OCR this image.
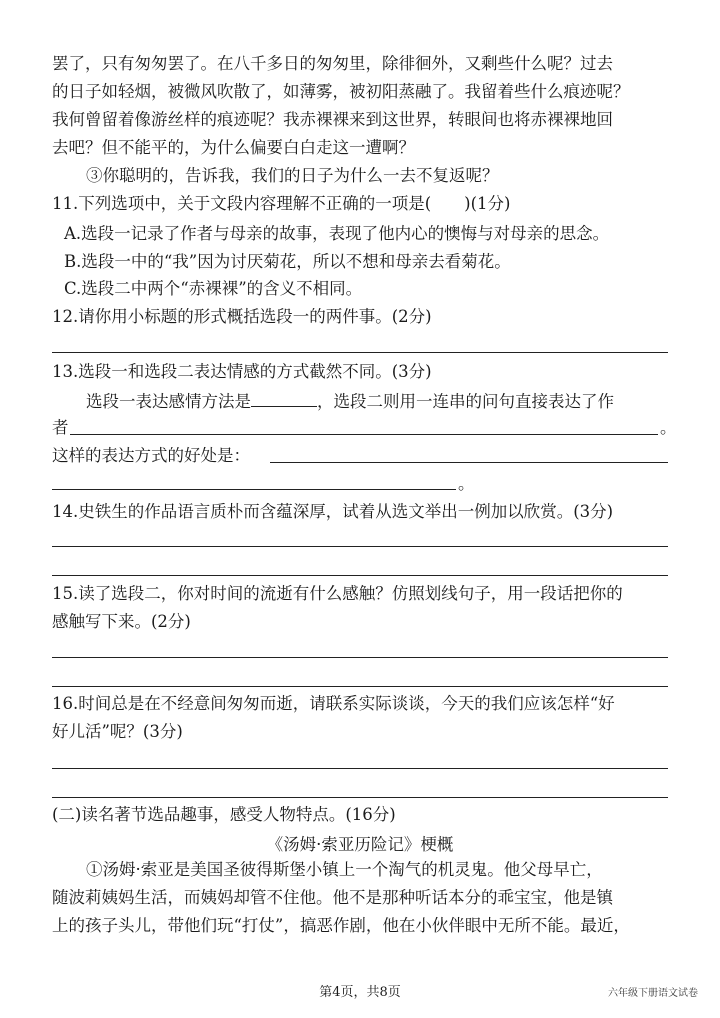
罢了，只有匆匆罢了。在八千多日的匆匆里，除徘徊外，又剩些什么呢？过去
的日子如轻烟，被微风吹散了，如薄雾，被初阳蒸融了。我留着些什么痕迹呢？
我何曾留着像游丝样的痕迹呢？我赤裸裸来到这世界，转眼间也将赤裸裸地回
去吧？但不能平的，为什么偏要白白走这一遭啊？
③你聪明的，告诉我，我们的日子为什么一去不复返呢？
11.下列选项中，关于文段内容理解不正确的一项是(　　)(1分)
A.选段一记录了作者与母亲的故事，表现了他内心的懊悔与对母亲的思念。
B.选段一中的“我”因为讨厌菊花，所以不想和母亲去看菊花。
C.选段二中两个“赤裸裸”的含义不相同。
12.请你用小标题的形式概括选段一的两件事。(2分)
13.选段一和选段二表达情感的方式截然不同。(3分)
选段一表达感情方法是	，选段二则用一连串的问句直接表达了作
者	。
这样的表达方式的好处是：
。
14.史铁生的作品语言质朴而含蕴深厚，试着从选文举出一例加以欣赏。(3分)
15.读了选段二，你对时间的流逝有什么感触？仿照划线句子，用一段话把你的
感触写下来。(2分)
16.时间总是在不经意间匆匆而逝，请联系实际谈谈，今天的我们应该怎样“好
好儿活”呢？(3分)
(二)读名著节选品趣事，感受人物特点。(16分)
《汤姆·索亚历险记》梗概
①汤姆·索亚是美国圣彼得斯堡小镇上一个淘气的机灵鬼。他父母早亡，
随波莉姨妈生活，而姨妈却管不住他。他不是那种听话本分的乖宝宝，他是镇
上的孩子头儿，带他们玩“打仗”，搞恶作剧，他在小伙伴眼中无所不能。最近，
第4页，共8页	六年级下册语文试卷
